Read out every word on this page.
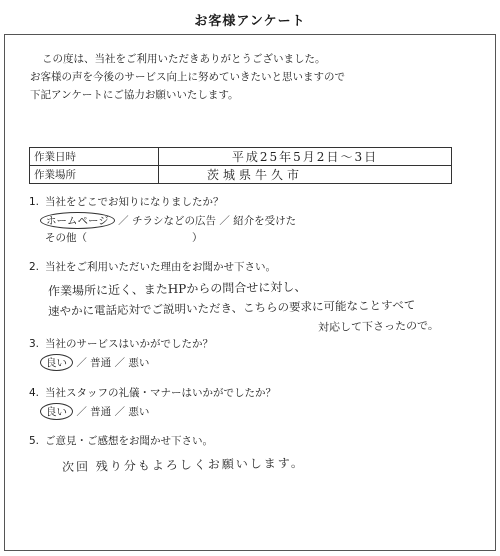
お客様アンケート
この度は、当社をご利用いただきありがとうございました。
お客様の声を今後のサービス向上に努めていきたいと思いますので
下記アンケートにご協力お願いいたします。
作業日時	平成25年5月2日～3日
作業場所	茨城県牛久市
1. 当社をどこでお知りになりましたか？
ホームページ ／ チラシなどの広告 ／ 紹介を受けた
その他（　　　　　　　　　　）
2. 当社をご利用いただいた理由をお聞かせ下さい。
作業場所に近く、またHPからの問合せに対し、
速やかに電話応対でご説明いただき、こちらの要求に可能なことすべて
対応して下さったので。
3. 当社のサービスはいかがでしたか？
良い ／ 普通 ／ 悪い
4. 当社スタッフの礼儀・マナーはいかがでしたか？
良い ／ 普通 ／ 悪い
5. ご意見・ご感想をお聞かせ下さい。
次回 残り分もよろしくお願いします。
